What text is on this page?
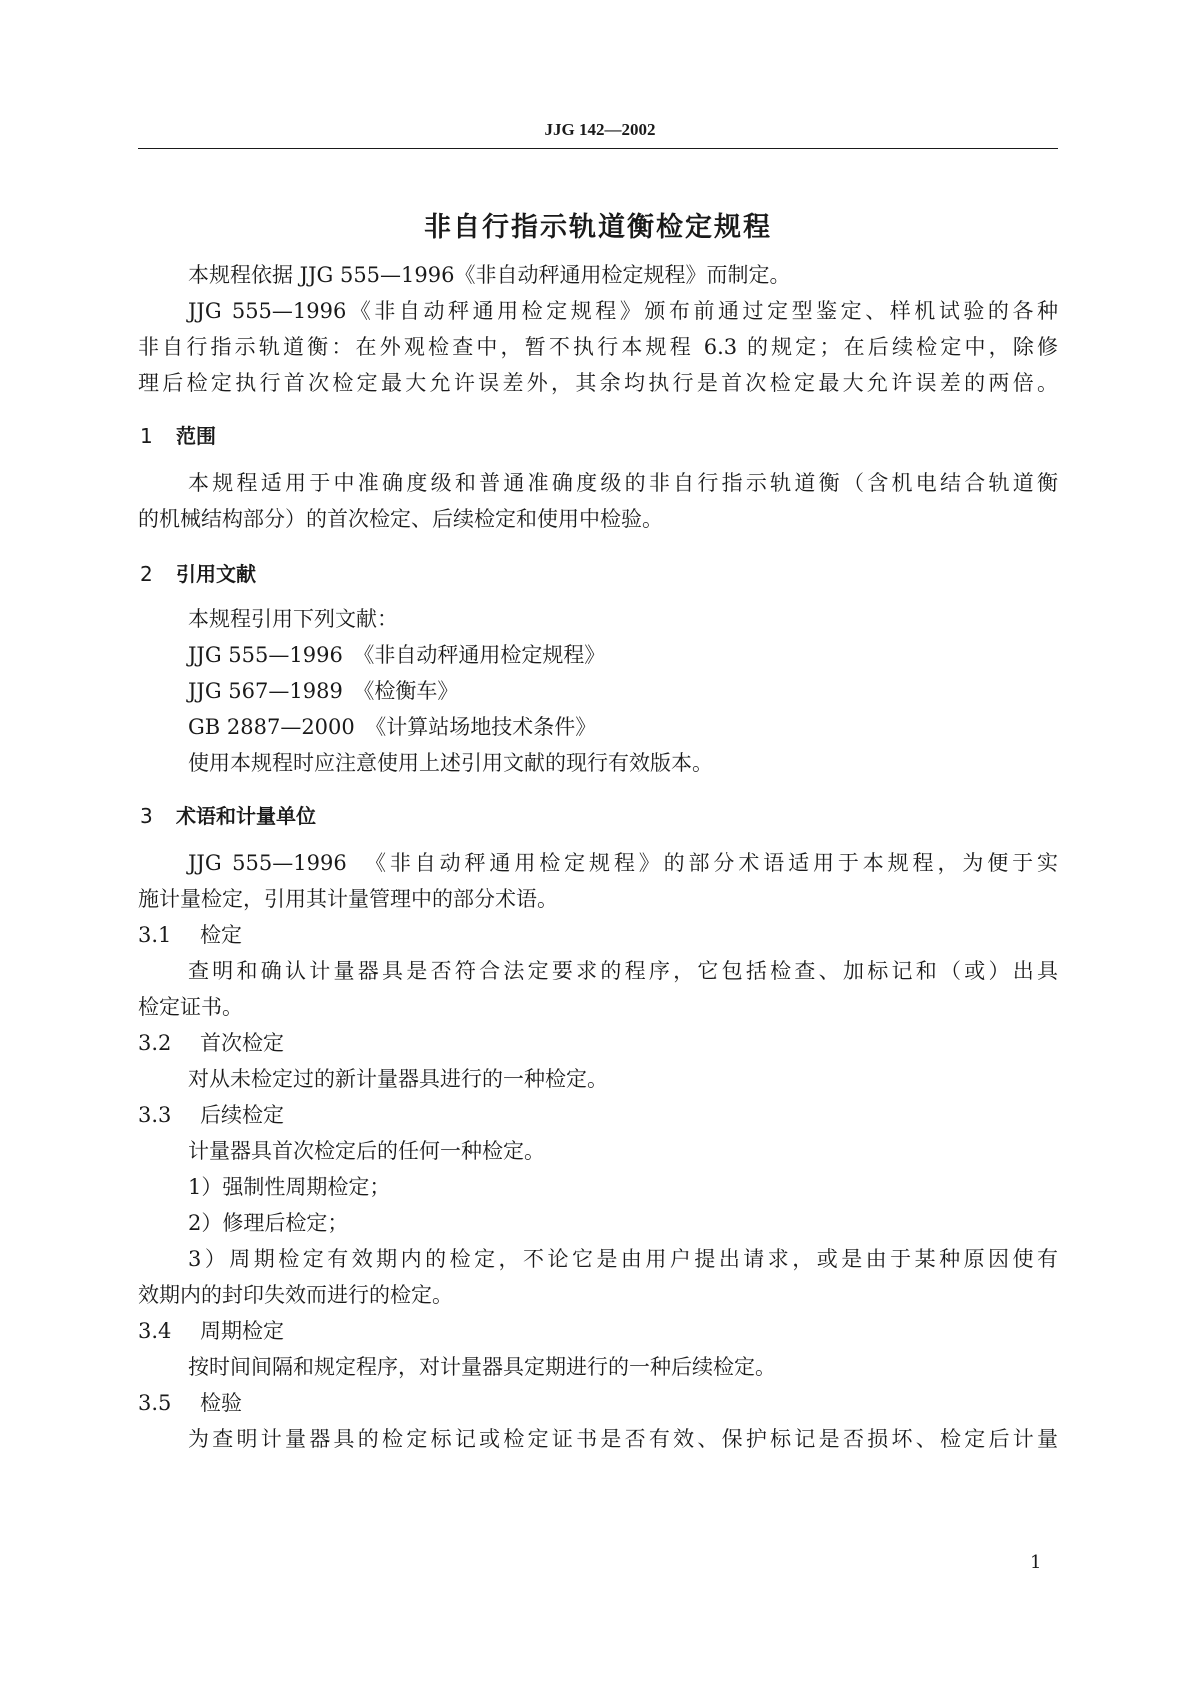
JJG 142—2002
非自行指示轨道衡检定规程
本规程依据 JJG 555—1996《非自动秤通用检定规程》而制定。
JJG 555—1996《非自动秤通用检定规程》颁布前通过定型鉴定、样机试验的各种
非自行指示轨道衡：在外观检查中，暂不执行本规程 6.3 的规定；在后续检定中，除修
理后检定执行首次检定最大允许误差外，其余均执行是首次检定最大允许误差的两倍。
1 范围
本规程适用于中准确度级和普通准确度级的非自行指示轨道衡（含机电结合轨道衡
的机械结构部分）的首次检定、后续检定和使用中检验。
2 引用文献
本规程引用下列文献：
JJG 555—1996　《非自动秤通用检定规程》
JJG 567—1989　《检衡车》
GB 2887—2000　《计算站场地技术条件》
使用本规程时应注意使用上述引用文献的现行有效版本。
3 术语和计量单位
JJG 555—1996　《非自动秤通用检定规程》的部分术语适用于本规程，为便于实
施计量检定，引用其计量管理中的部分术语。
3.1 检定
查明和确认计量器具是否符合法定要求的程序，它包括检查、加标记和（或）出具
检定证书。
3.2 首次检定
对从未检定过的新计量器具进行的一种检定。
3.3 后续检定
计量器具首次检定后的任何一种检定。
1）强制性周期检定；
2）修理后检定；
3）周期检定有效期内的检定，不论它是由用户提出请求，或是由于某种原因使有
效期内的封印失效而进行的检定。
3.4 周期检定
按时间间隔和规定程序，对计量器具定期进行的一种后续检定。
3.5 检验
为查明计量器具的检定标记或检定证书是否有效、保护标记是否损坏、检定后计量
1
